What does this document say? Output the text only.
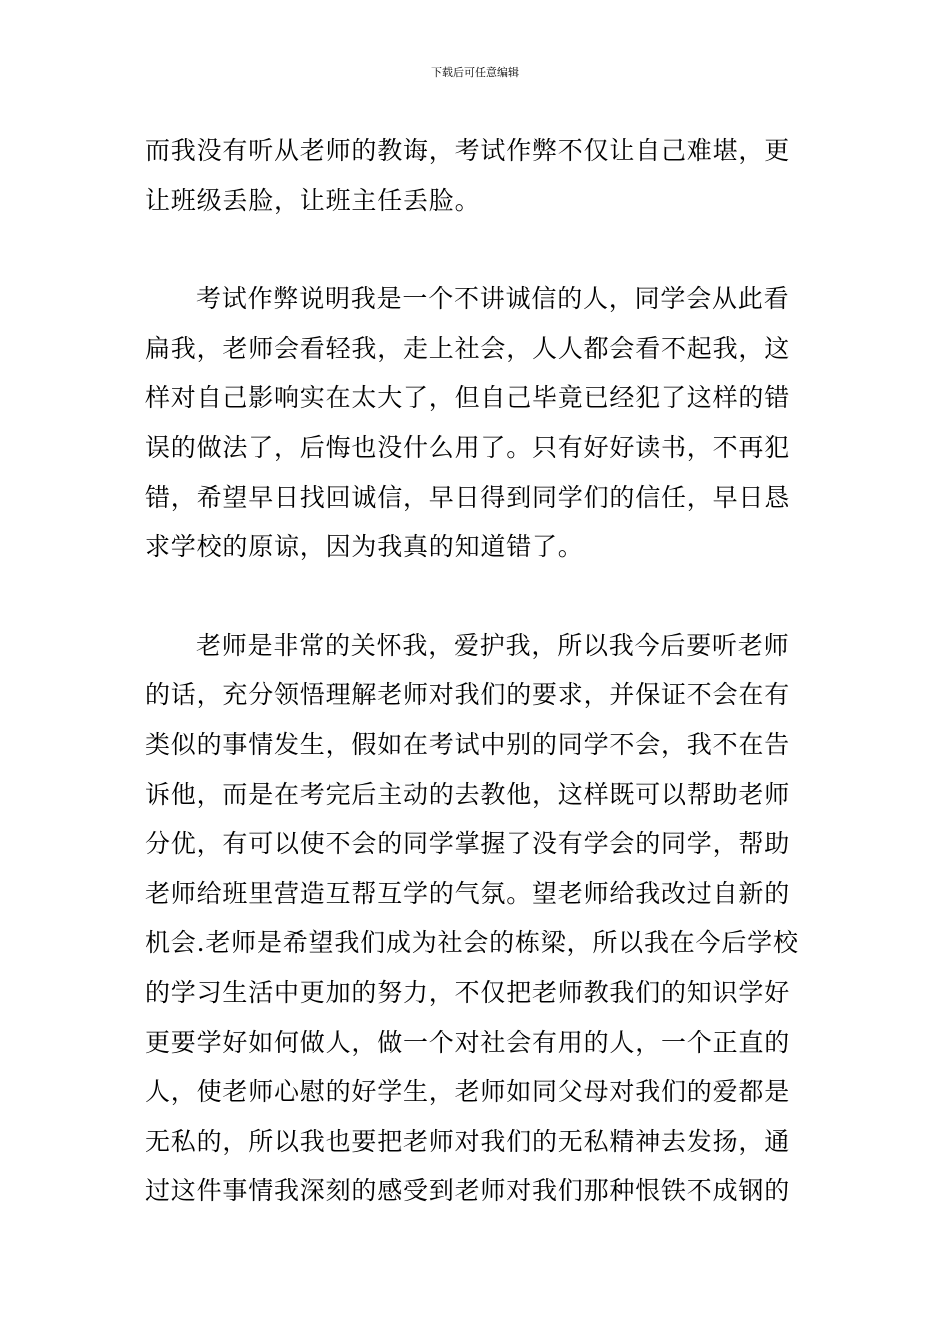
下载后可任意编辑

而我没有听从老师的教诲，考试作弊不仅让自己难堪，更
让班级丢脸，让班主任丢脸。

考试作弊说明我是一个不讲诚信的人，同学会从此看
扁我，老师会看轻我，走上社会，人人都会看不起我，这
样对自己影响实在太大了，但自己毕竟已经犯了这样的错
误的做法了，后悔也没什么用了。只有好好读书，不再犯
错，希望早日找回诚信，早日得到同学们的信任，早日恳
求学校的原谅，因为我真的知道错了。

老师是非常的关怀我，爱护我，所以我今后要听老师
的话，充分领悟理解老师对我们的要求，并保证不会在有
类似的事情发生，假如在考试中别的同学不会，我不在告
诉他，而是在考完后主动的去教他，这样既可以帮助老师
分优，有可以使不会的同学掌握了没有学会的同学，帮助
老师给班里营造互帮互学的气氛。望老师给我改过自新的
机会.老师是希望我们成为社会的栋梁，所以我在今后学校
的学习生活中更加的努力，不仅把老师教我们的知识学好
更要学好如何做人，做一个对社会有用的人，一个正直的
人，使老师心慰的好学生，老师如同父母对我们的爱都是
无私的，所以我也要把老师对我们的无私精神去发扬，通
过这件事情我深刻的感受到老师对我们那种恨铁不成钢的
